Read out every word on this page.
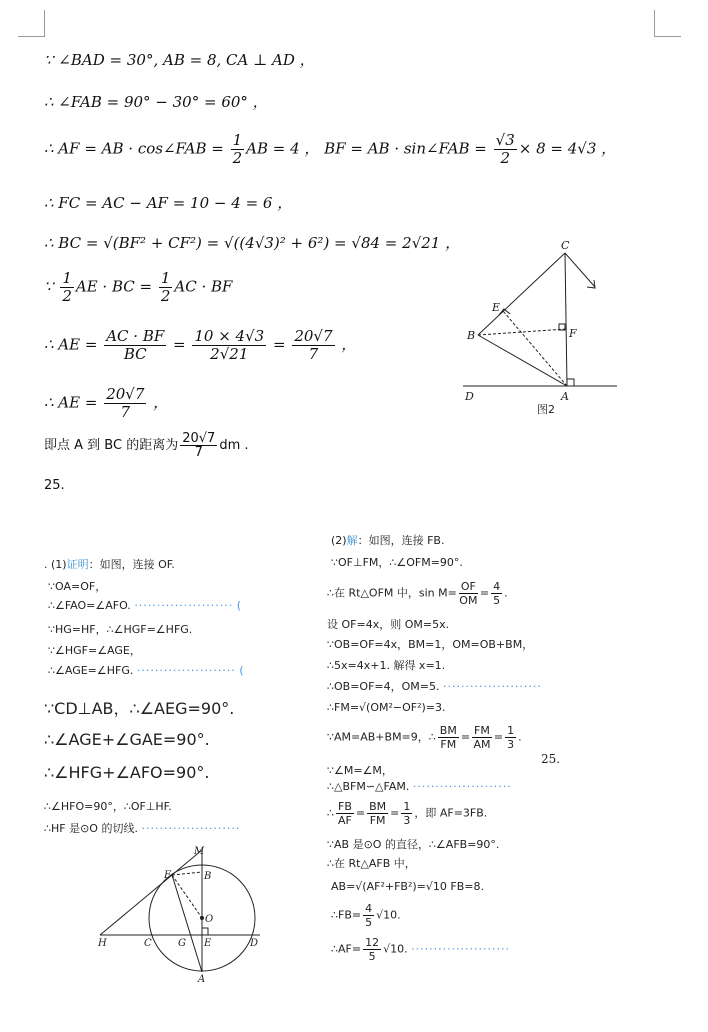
∵ ∠BAD = 30°, AB = 8, CA ⊥ AD ，
∴ ∠FAB = 90° − 30° = 60° ，
∴ AF = AB · cos∠FAB = $\frac{1}{2}$ AB = 4 ， BF = AB · sin∠FAB = $\frac{√3}{2} \times 8 = 4√3$ ，
∴ FC = AC − AF = 10 − 4 = 6 ，
∴ BC = √(BF² + CF²) = √((4√3)² + 6²) = √84 = 2√21 ，
∵ $\frac{1}{2}$ AE · BC = $\frac{1}{2}$ AC · BF
∴ AE = $\frac{AC \cdot BF}{BC} = \frac{10 \times 4√3}{2√21} = \frac{20√7}{7}$ ，
∴ AE = $\frac{20√7}{7}$ ，
即点 A 到 BC 的距离为 $\frac{20√7}{7}$ dm .
25.
C
E
B	F
D	A
图2
. (1)证明：如图，连接 OF.
∵OA=OF，
∴∠FAO=∠AFO. ······················ (
∵HG=HF，∴∠HGF=∠HFG.
∵∠HGF=∠AGE，
∴∠AGE=∠HFG. ······················ (
∵CD⊥AB，∴∠AEG=90°.
∴∠AGE+∠GAE=90°.
∴∠HFG+∠AFO=90°.
∴∠HFO=90°，∴OF⊥HF.
∴HF 是⊙O 的切线. ······················
M
F	B
O
H	C	G E	D
A
(2)解：如图，连接 FB.
∵OF⊥FM，∴∠OFM=90°.
∴在 Rt△OFM 中，$\sin M= \frac{OF}{OM} = \frac{4}{5}$ .
设 OF=4x，则 OM=5x.
∵OB=OF=4x，BM=1，OM=OB+BM，
∴5x=4x+1. 解得 x=1.
∴OB=OF=4，OM=5. ······················
∴FM=√(OM²−OF²)=3.
∵AM=AB+BM=9，∴ $\frac{BM}{FM} = \frac{FM}{AM} = \frac{1}{3}$ .
25.
∵∠M=∠M，
∴△BFM∽△FAM. ······················
∴ $\frac{FB}{AF} = \frac{BM}{FM} = \frac{1}{3}$ ，即 AF=3FB.
∵AB 是⊙O 的直径，∴∠AFB=90°.
∴在 Rt△AFB 中，
AB=√(AF²+FB²)=√10 FB=8.
∴FB= $\frac{4}{5} √10$.
∴AF= $\frac{12}{5} √10$. ······················
